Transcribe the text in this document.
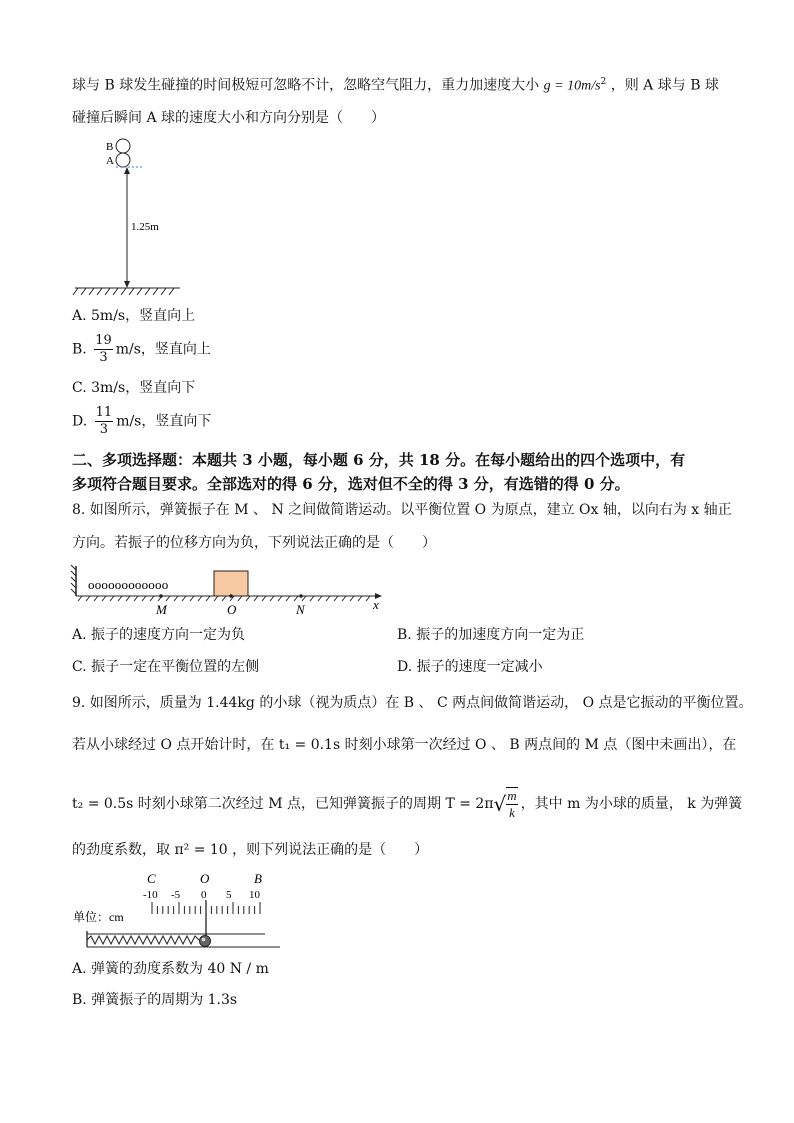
球与 B 球发生碰撞的时间极短可忽略不计，忽略空气阻力，重力加速度大小 $g = 10m/s^2$ ，则 A 球与 B 球
碰撞后瞬间 A 球的速度大小和方向分别是（　　）
B
A
1.25m
A. 5m/s，竖直向上
B. $\frac{19}{3} m/s$，竖直向上
C. 3m/s，竖直向下
D. $\frac{11}{3} m/s$，竖直向下
二、多项选择题：本题共 3 小题，每小题 6 分，共 18 分。在每小题给出的四个选项中，有
多项符合题目要求。全部选对的得 6 分，选对但不全的得 3 分，有选错的得 0 分。
8. 如图所示，弹簧振子在 M 、 N 之间做简谐运动。以平衡位置 O 为原点，建立 Ox 轴，以向右为 x 轴正
方向。若振子的位移方向为负，下列说法正确的是（　　）
oooooooooooo
M	O	N	x
A. 振子的速度方向一定为负	B. 振子的加速度方向一定为正
C. 振子一定在平衡位置的左侧	D. 振子的速度一定减小
9. 如图所示，质量为 1.44kg 的小球（视为质点）在 B 、 C 两点间做简谐运动， O 点是它振动的平衡位置。
若从小球经过 O 点开始计时，在 t₁ = 0.1s 时刻小球第一次经过 O 、 B 两点间的 M 点（图中未画出），在
t₂ = 0.5s 时刻小球第二次经过 M 点，已知弹簧振子的周期 $T = 2\pi√ \frac{m}{k}$ ，其中 m 为小球的质量， k 为弹簧
的劲度系数，取 π² = 10 ，则下列说法正确的是（　　）
C	O	B
-10 -5 0 5 10
单位：cm
A. 弹簧的劲度系数为 40 N / m
B. 弹簧振子的周期为 1.3s
